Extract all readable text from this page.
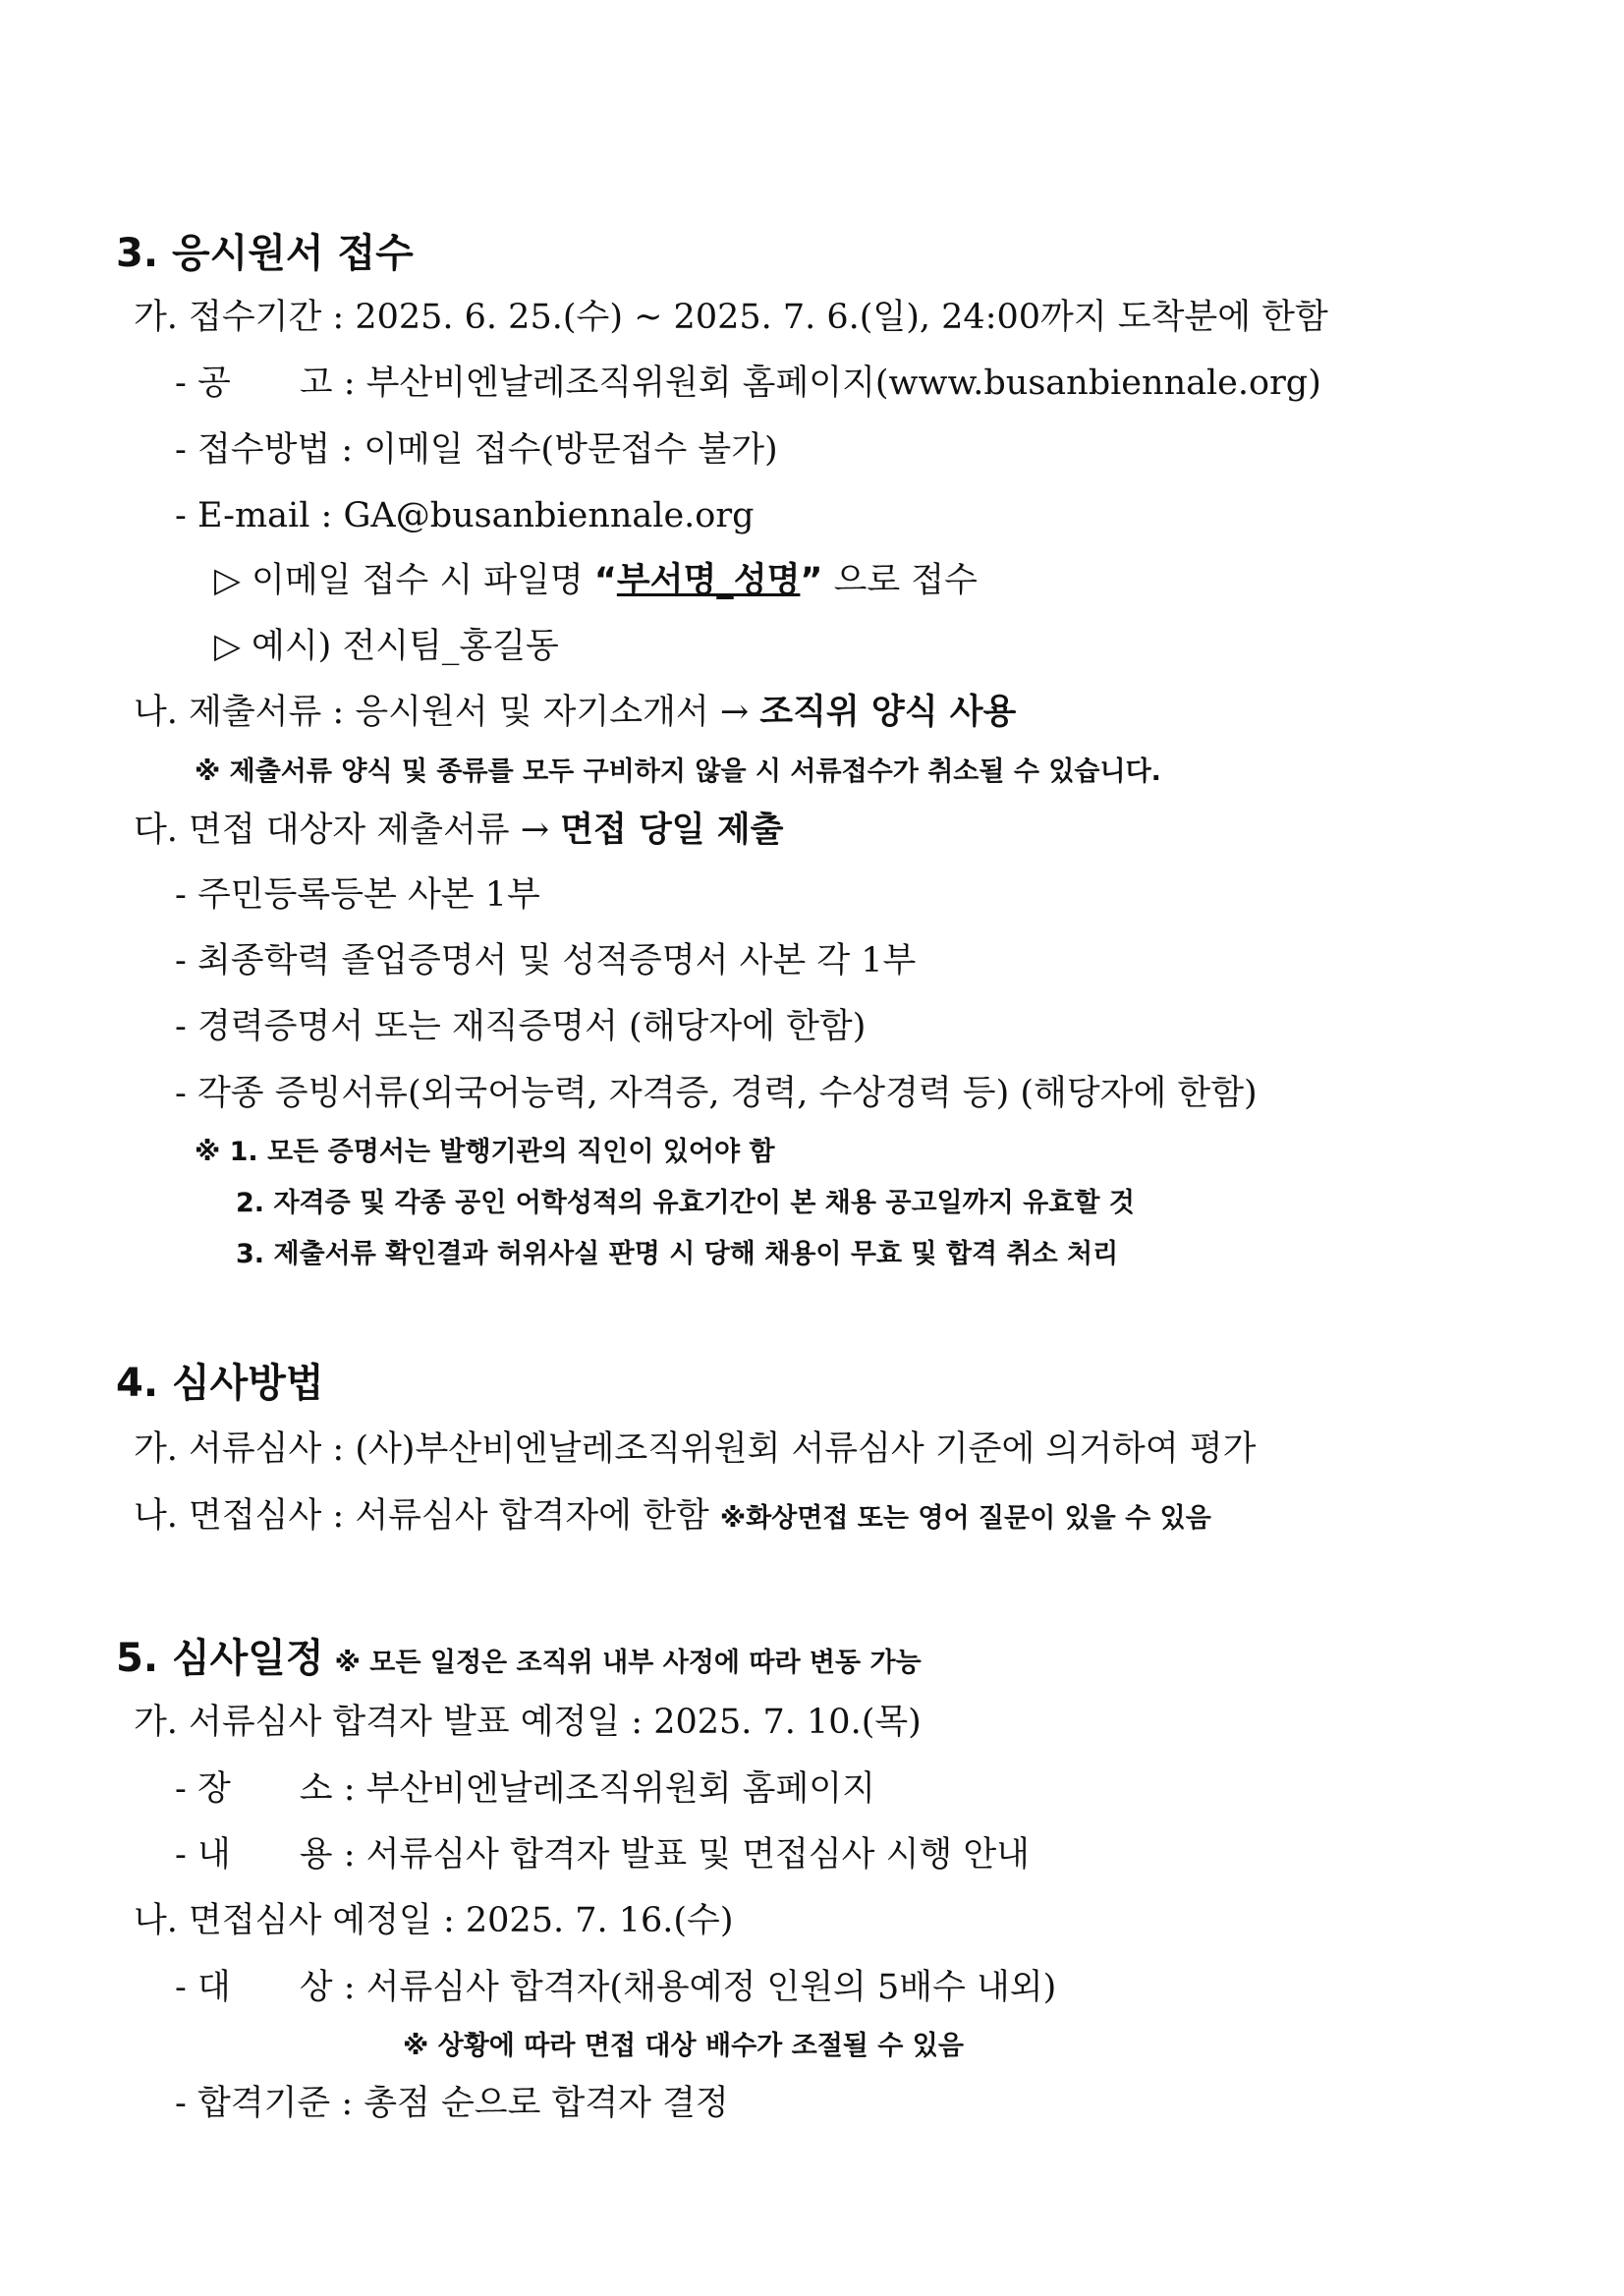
3. 응시원서 접수
가. 접수기간 : 2025. 6. 25.(수) ~ 2025. 7. 6.(일), 24:00까지 도착분에 한함
- 공　　고 : 부산비엔날레조직위원회 홈페이지(www.busanbiennale.org)
- 접수방법 : 이메일 접수(방문접수 불가)
- E-mail : GA@busanbiennale.org
▷ 이메일 접수 시 파일명 “부서명_성명” 으로 접수
▷ 예시) 전시팀_홍길동
나. 제출서류 : 응시원서 및 자기소개서 → 조직위 양식 사용
※ 제출서류 양식 및 종류를 모두 구비하지 않을 시 서류접수가 취소될 수 있습니다.
다. 면접 대상자 제출서류 → 면접 당일 제출
- 주민등록등본 사본 1부
- 최종학력 졸업증명서 및 성적증명서 사본 각 1부
- 경력증명서 또는 재직증명서 (해당자에 한함)
- 각종 증빙서류(외국어능력, 자격증, 경력, 수상경력 등) (해당자에 한함)
※ 1. 모든 증명서는 발행기관의 직인이 있어야 함
2. 자격증 및 각종 공인 어학성적의 유효기간이 본 채용 공고일까지 유효할 것
3. 제출서류 확인결과 허위사실 판명 시 당해 채용이 무효 및 합격 취소 처리
4. 심사방법
가. 서류심사 : (사)부산비엔날레조직위원회 서류심사 기준에 의거하여 평가
나. 면접심사 : 서류심사 합격자에 한함 ※화상면접 또는 영어 질문이 있을 수 있음
5. 심사일정 ※ 모든 일정은 조직위 내부 사정에 따라 변동 가능
가. 서류심사 합격자 발표 예정일 : 2025. 7. 10.(목)
- 장　　소 : 부산비엔날레조직위원회 홈페이지
- 내　　용 : 서류심사 합격자 발표 및 면접심사 시행 안내
나. 면접심사 예정일 : 2025. 7. 16.(수)
- 대　　상 : 서류심사 합격자(채용예정 인원의 5배수 내외)
※ 상황에 따라 면접 대상 배수가 조절될 수 있음
- 합격기준 : 총점 순으로 합격자 결정
